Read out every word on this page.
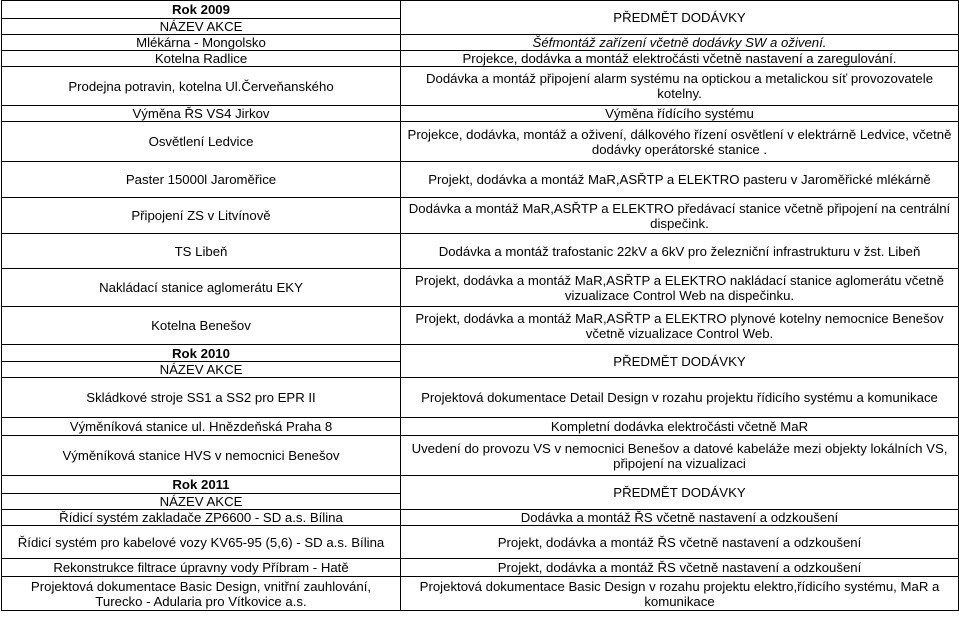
Rok 2009	PŘEDMĚT DODÁVKY
NÁZEV AKCE	
Mlékárna - Mongolsko	Šéfmontáž zařízení včetně dodávky SW a oživení.
Kotelna Radlice	Projekce, dodávka a montáž elektročásti včetně nastavení a zaregulování.
Prodejna potravin, kotelna Ul.Červeňanského	Dodávka a montáž připojení alarm systému na optickou a metalickou síť provozovatele kotelny.
Výměna ŘS VS4 Jirkov	Výměna řídícího systému
Osvětlení Ledvice	Projekce, dodávka, montáž a oživení, dálkového řízení osvětlení v elektrárně Ledvice, včetně dodávky operátorské stanice .
Paster 15000l Jaroměřice	Projekt, dodávka a montáž MaR,ASŘTP a ELEKTRO pasteru v Jaroměřické mlékárně
Připojení ZS v Litvínově	Dodávka a montáž MaR,ASŘTP a ELEKTRO předávací stanice včetně připojení na centrální dispečink.
TS Libeň	Dodávka a montáž trafostanic 22kV a 6kV pro železniční infrastrukturu v žst. Libeň
Nakládací stanice aglomerátu EKY	Projekt, dodávka a montáž MaR,ASŘTP a ELEKTRO nakládací stanice aglomerátu včetně vizualizace Control Web na dispečinku.
Kotelna Benešov	Projekt, dodávka a montáž MaR,ASŘTP a ELEKTRO plynové kotelny nemocnice Benešov včetně vizualizace Control Web.
Rok 2010	PŘEDMĚT DODÁVKY
NÁZEV AKCE	
Skládkové stroje SS1 a SS2 pro EPR II	Projektová dokumentace Detail Design v rozahu projektu řídicího systému a komunikace
Výměníková stanice ul. Hnězdeňská Praha 8	Kompletní dodávka elektročásti včetně MaR
Výměníková stanice HVS v nemocnici Benešov	Uvedení do provozu VS v nemocnici Benešov a datové kabeláže mezi objekty lokálních VS, připojení na vizualizaci
Rok 2011	PŘEDMĚT DODÁVKY
NÁZEV AKCE	
Řídicí systém zakladače ZP6600 - SD a.s. Bílina	Dodávka a montáž ŘS včetně nastavení a odzkoušení
Řídicí systém pro kabelové vozy KV65-95 (5,6) - SD a.s. Bílina	Projekt, dodávka a montáž ŘS včetně nastavení a odzkoušení
Rekonstrukce filtrace úpravny vody Příbram - Hatě	Projekt, dodávka a montáž ŘS včetně nastavení a odzkoušení
Projektová dokumentace Basic Design, vnitřní zauhlování, Turecko - Adularia pro Vítkovice a.s.	Projektová dokumentace Basic Design v rozahu projektu elektro,řídicího systému, MaR a komunikace
